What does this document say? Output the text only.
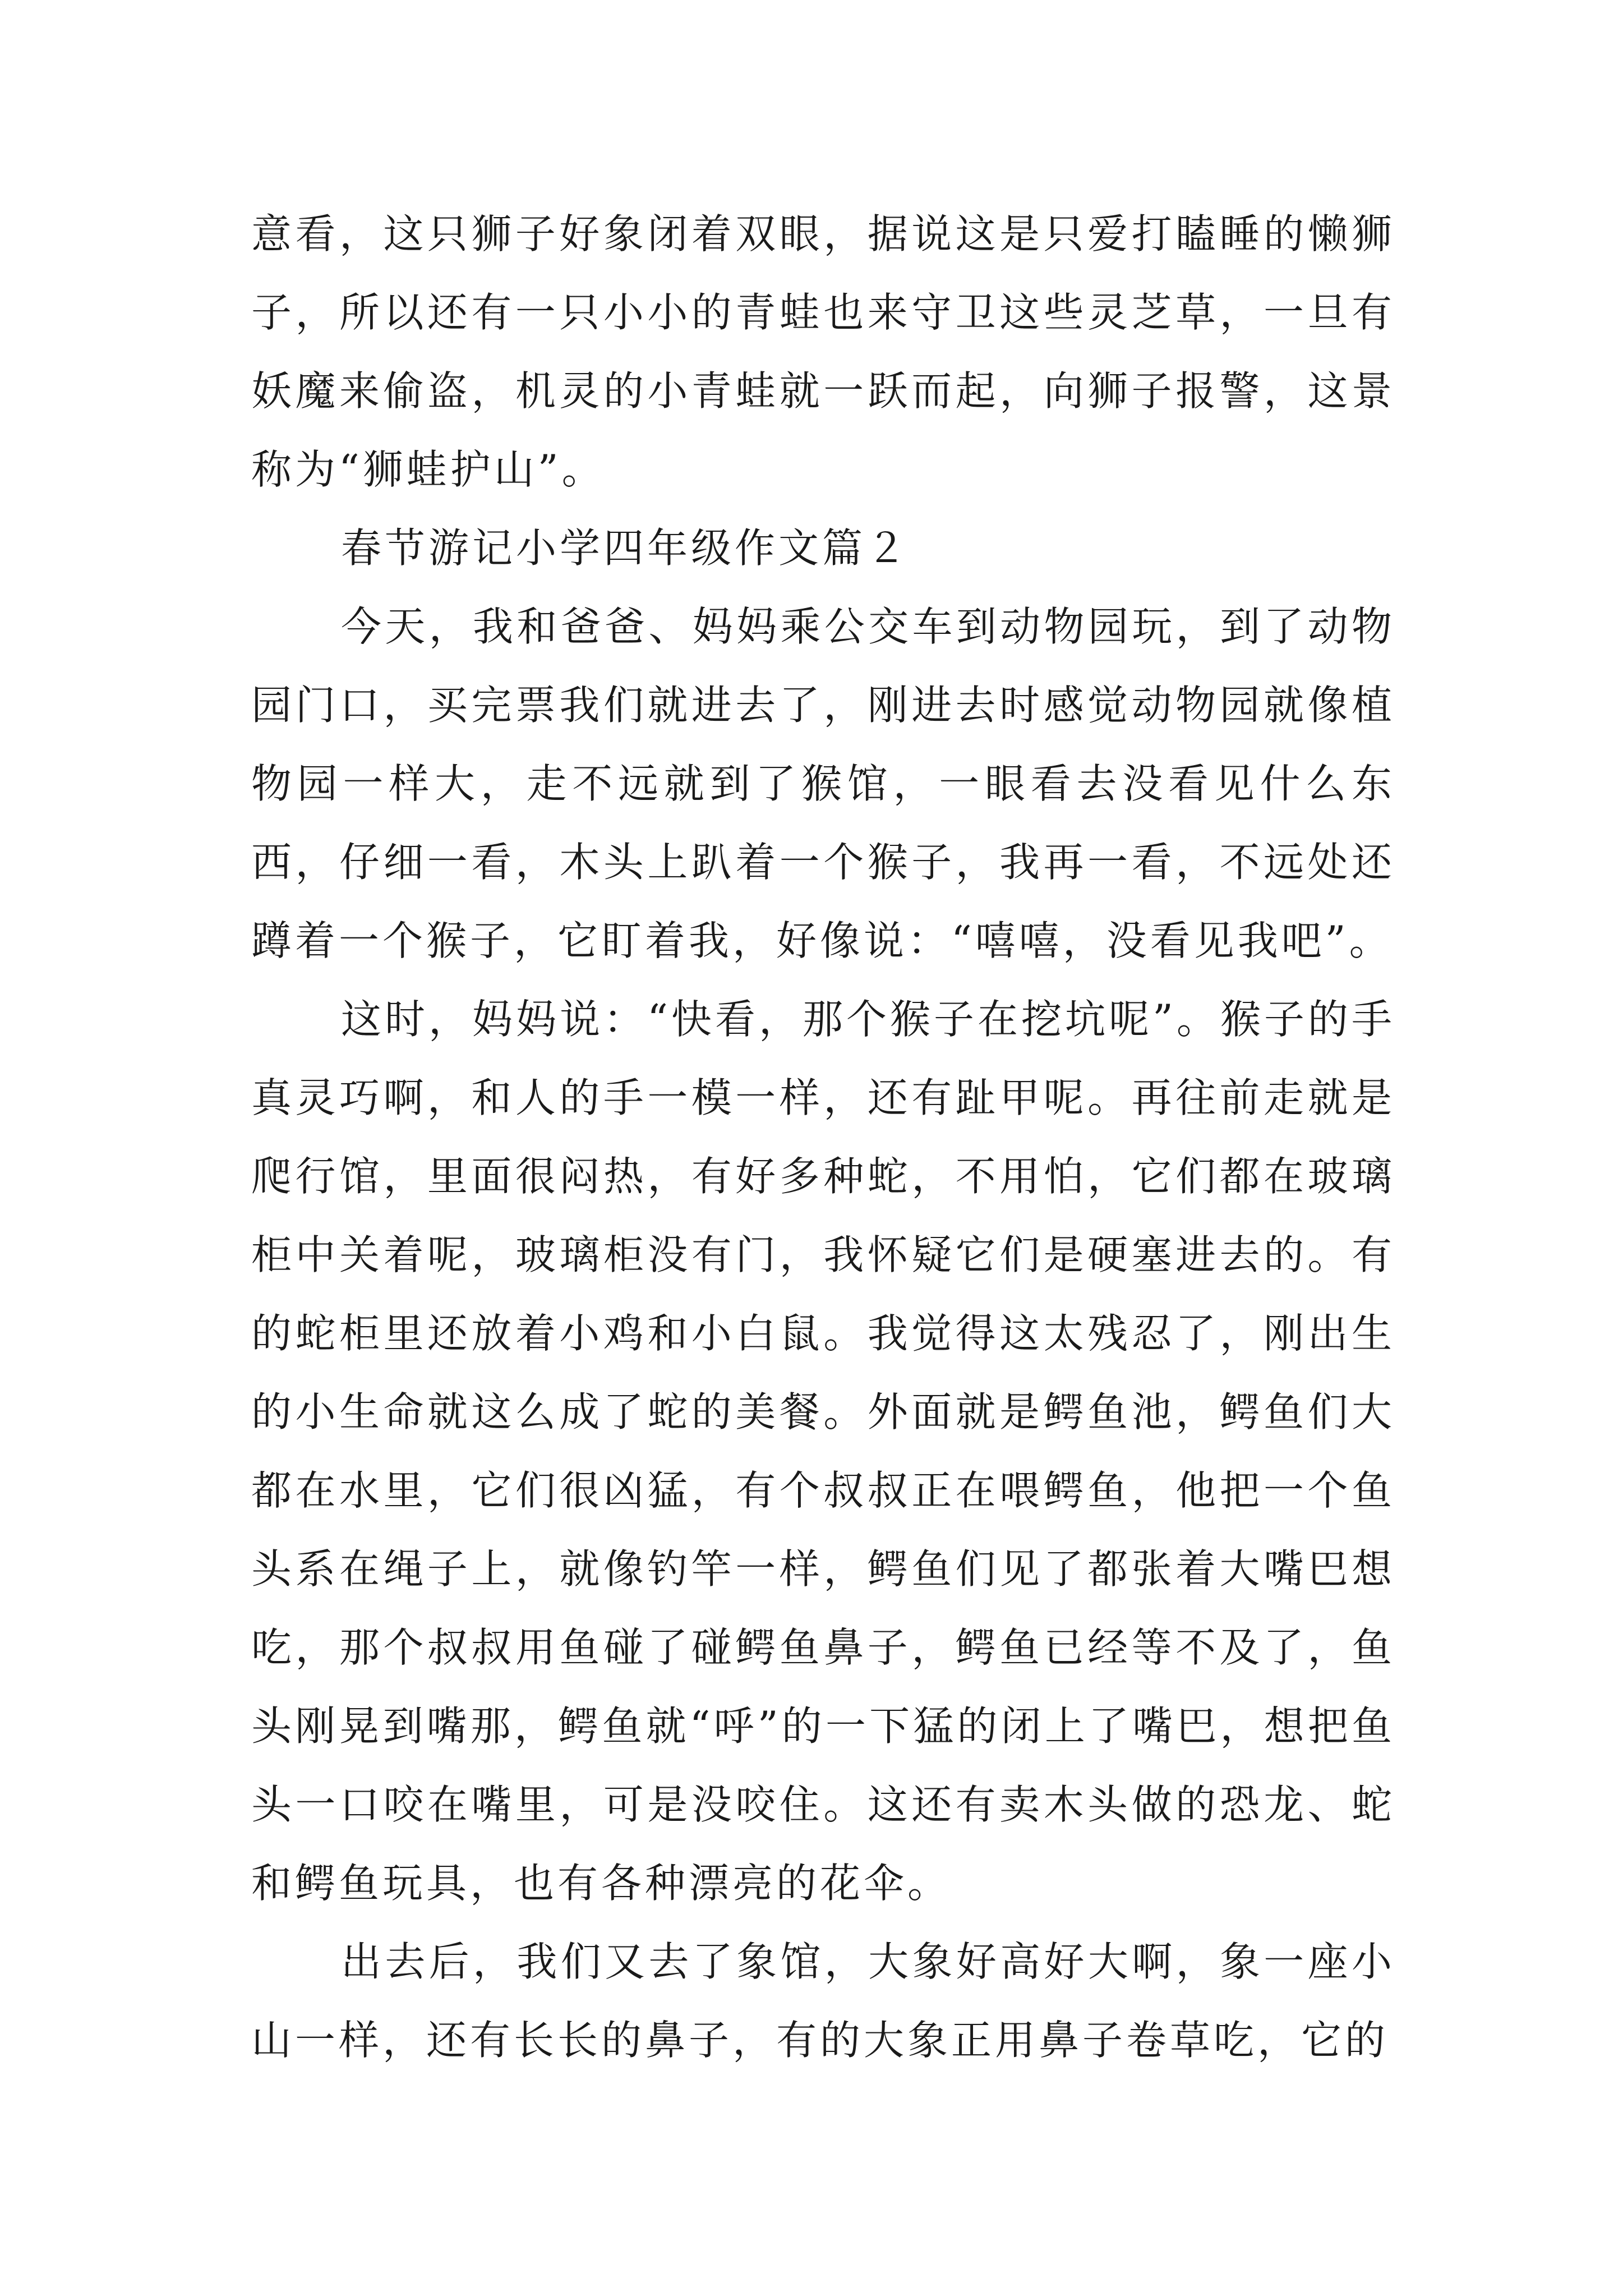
意看，这只狮子好象闭着双眼，据说这是只爱打瞌睡的懒狮子，所以还有一只小小的青蛙也来守卫这些灵芝草，一旦有妖魔来偷盗，机灵的小青蛙就一跃而起，向狮子报警，这景称为“狮蛙护山”。

春节游记小学四年级作文篇２

今天，我和爸爸、妈妈乘公交车到动物园玩，到了动物园门口，买完票我们就进去了，刚进去时感觉动物园就像植物园一样大，走不远就到了猴馆，一眼看去没看见什么东西，仔细一看，木头上趴着一个猴子，我再一看，不远处还蹲着一个猴子，它盯着我，好像说：“嘻嘻，没看见我吧”。

这时，妈妈说：“快看，那个猴子在挖坑呢”。猴子的手真灵巧啊，和人的手一模一样，还有趾甲呢。再往前走就是爬行馆，里面很闷热，有好多种蛇，不用怕，它们都在玻璃柜中关着呢，玻璃柜没有门，我怀疑它们是硬塞进去的。有的蛇柜里还放着小鸡和小白鼠。我觉得这太残忍了，刚出生的小生命就这么成了蛇的美餐。外面就是鳄鱼池，鳄鱼们大都在水里，它们很凶猛，有个叔叔正在喂鳄鱼，他把一个鱼头系在绳子上，就像钓竿一样，鳄鱼们见了都张着大嘴巴想吃，那个叔叔用鱼碰了碰鳄鱼鼻子，鳄鱼已经等不及了，鱼头刚晃到嘴那，鳄鱼就“呼”的一下猛的闭上了嘴巴，想把鱼头一口咬在嘴里，可是没咬住。这还有卖木头做的恐龙、蛇和鳄鱼玩具，也有各种漂亮的花伞。

出去后，我们又去了象馆，大象好高好大啊，象一座小山一样，还有长长的鼻子，有的大象正用鼻子卷草吃，它的
